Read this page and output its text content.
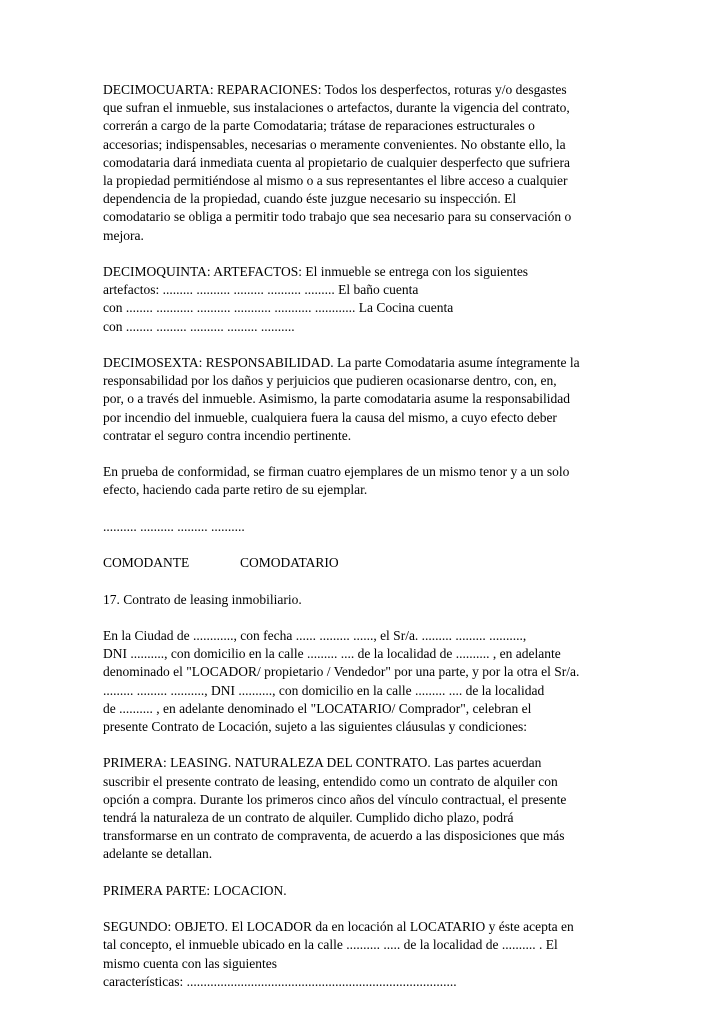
DECIMOCUARTA: REPARACIONES: Todos los desperfectos, roturas y/o desgastes
que sufran el inmueble, sus instalaciones o artefactos, durante la vigencia del contrato,
correrán a cargo de la parte Comodataria; trátase de reparaciones estructurales o
accesorias; indispensables, necesarias o meramente convenientes. No obstante ello, la
comodataria dará inmediata cuenta al propietario de cualquier desperfecto que sufriera
la propiedad permitiéndose al mismo o a sus representantes el libre acceso a cualquier
dependencia de la propiedad, cuando éste juzgue necesario su inspección. El
comodatario se obliga a permitir todo trabajo que sea necesario para su conservación o
mejora.

DECIMOQUINTA: ARTEFACTOS: El inmueble se entrega con los siguientes
artefactos: ......... .......... ......... .......... ......... El baño cuenta
con ........ ........... .......... ........... ........... ............ La Cocina cuenta
con ........ ......... .......... ......... ..........

DECIMOSEXTA: RESPONSABILIDAD. La parte Comodataria asume íntegramente la
responsabilidad por los daños y perjuicios que pudieren ocasionarse dentro, con, en,
por, o a través del inmueble. Asimismo, la parte comodataria asume la responsabilidad
por incendio del inmueble, cualquiera fuera la causa del mismo, a cuyo efecto deber
contratar el seguro contra incendio pertinente.

En prueba de conformidad, se firman cuatro ejemplares de un mismo tenor y a un solo
efecto, haciendo cada parte retiro de su ejemplar.

.......... .......... ......... ..........

COMODANTE	COMODATARIO

17. Contrato de leasing inmobiliario.

En la Ciudad de ............, con fecha ...... ......... ......, el Sr/a. ......... ......... ..........,
DNI .........., con domicilio en la calle ......... .... de la localidad de .......... , en adelante
denominado el "LOCADOR/ propietario / Vendedor" por una parte, y por la otra el Sr/a.
......... ......... .........., DNI .........., con domicilio en la calle ......... .... de la localidad
de .......... , en adelante denominado el "LOCATARIO/ Comprador", celebran el
presente Contrato de Locación, sujeto a las siguientes cláusulas y condiciones:

PRIMERA: LEASING. NATURALEZA DEL CONTRATO. Las partes acuerdan
suscribir el presente contrato de leasing, entendido como un contrato de alquiler con
opción a compra. Durante los primeros cinco años del vínculo contractual, el presente
tendrá la naturaleza de un contrato de alquiler. Cumplido dicho plazo, podrá
transformarse en un contrato de compraventa, de acuerdo a las disposiciones que más
adelante se detallan.

PRIMERA PARTE: LOCACION.

SEGUNDO: OBJETO. El LOCADOR da en locación al LOCATARIO y éste acepta en
tal concepto, el inmueble ubicado en la calle .......... ..... de la localidad de .......... . El
mismo cuenta con las siguientes
características: ................................................................................
